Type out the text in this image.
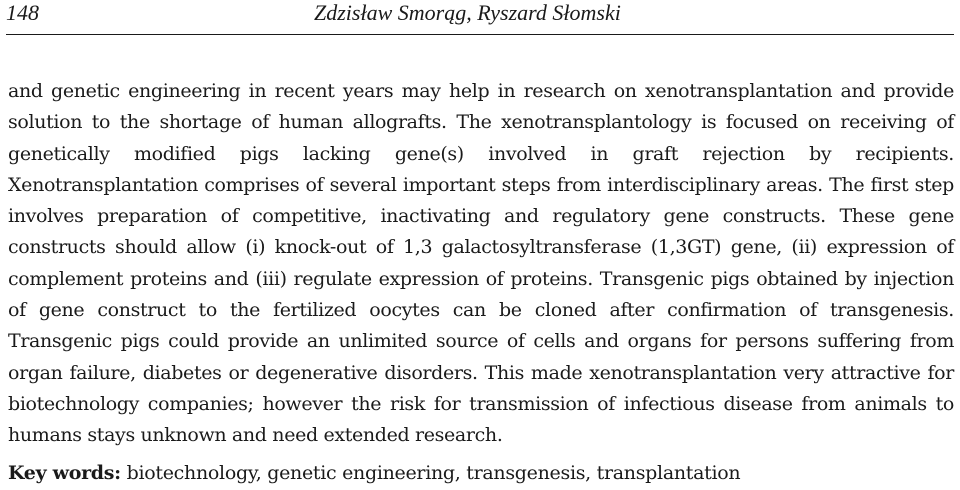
148	Zdzisław Smorąg, Ryszard Słomski

and genetic engineering in recent years may help in research on xenotransplantation and provide solution to the shortage of human allografts. The xenotransplantology is focused on receiving of genetically modified pigs lacking gene(s) involved in graft rejection by recipients. Xenotransplantation comprises of several important steps from interdisciplinary areas. The first step involves preparation of competitive, inactivating and regulatory gene constructs. These gene constructs should allow (i) knock-out of 1,3 galactosyltransferase (1,3GT) gene, (ii) expression of complement proteins and (iii) regulate expression of proteins. Transgenic pigs obtained by injection of gene construct to the fertilized oocytes can be cloned after confirmation of transgenesis. Transgenic pigs could provide an unlimited source of cells and organs for persons suffering from organ failure, diabetes or degenerative disorders. This made xenotransplantation very attractive for biotechnology companies; however the risk for transmission of infectious disease from animals to humans stays unknown and need extended research.

Key words: biotechnology, genetic engineering, transgenesis, transplantation
